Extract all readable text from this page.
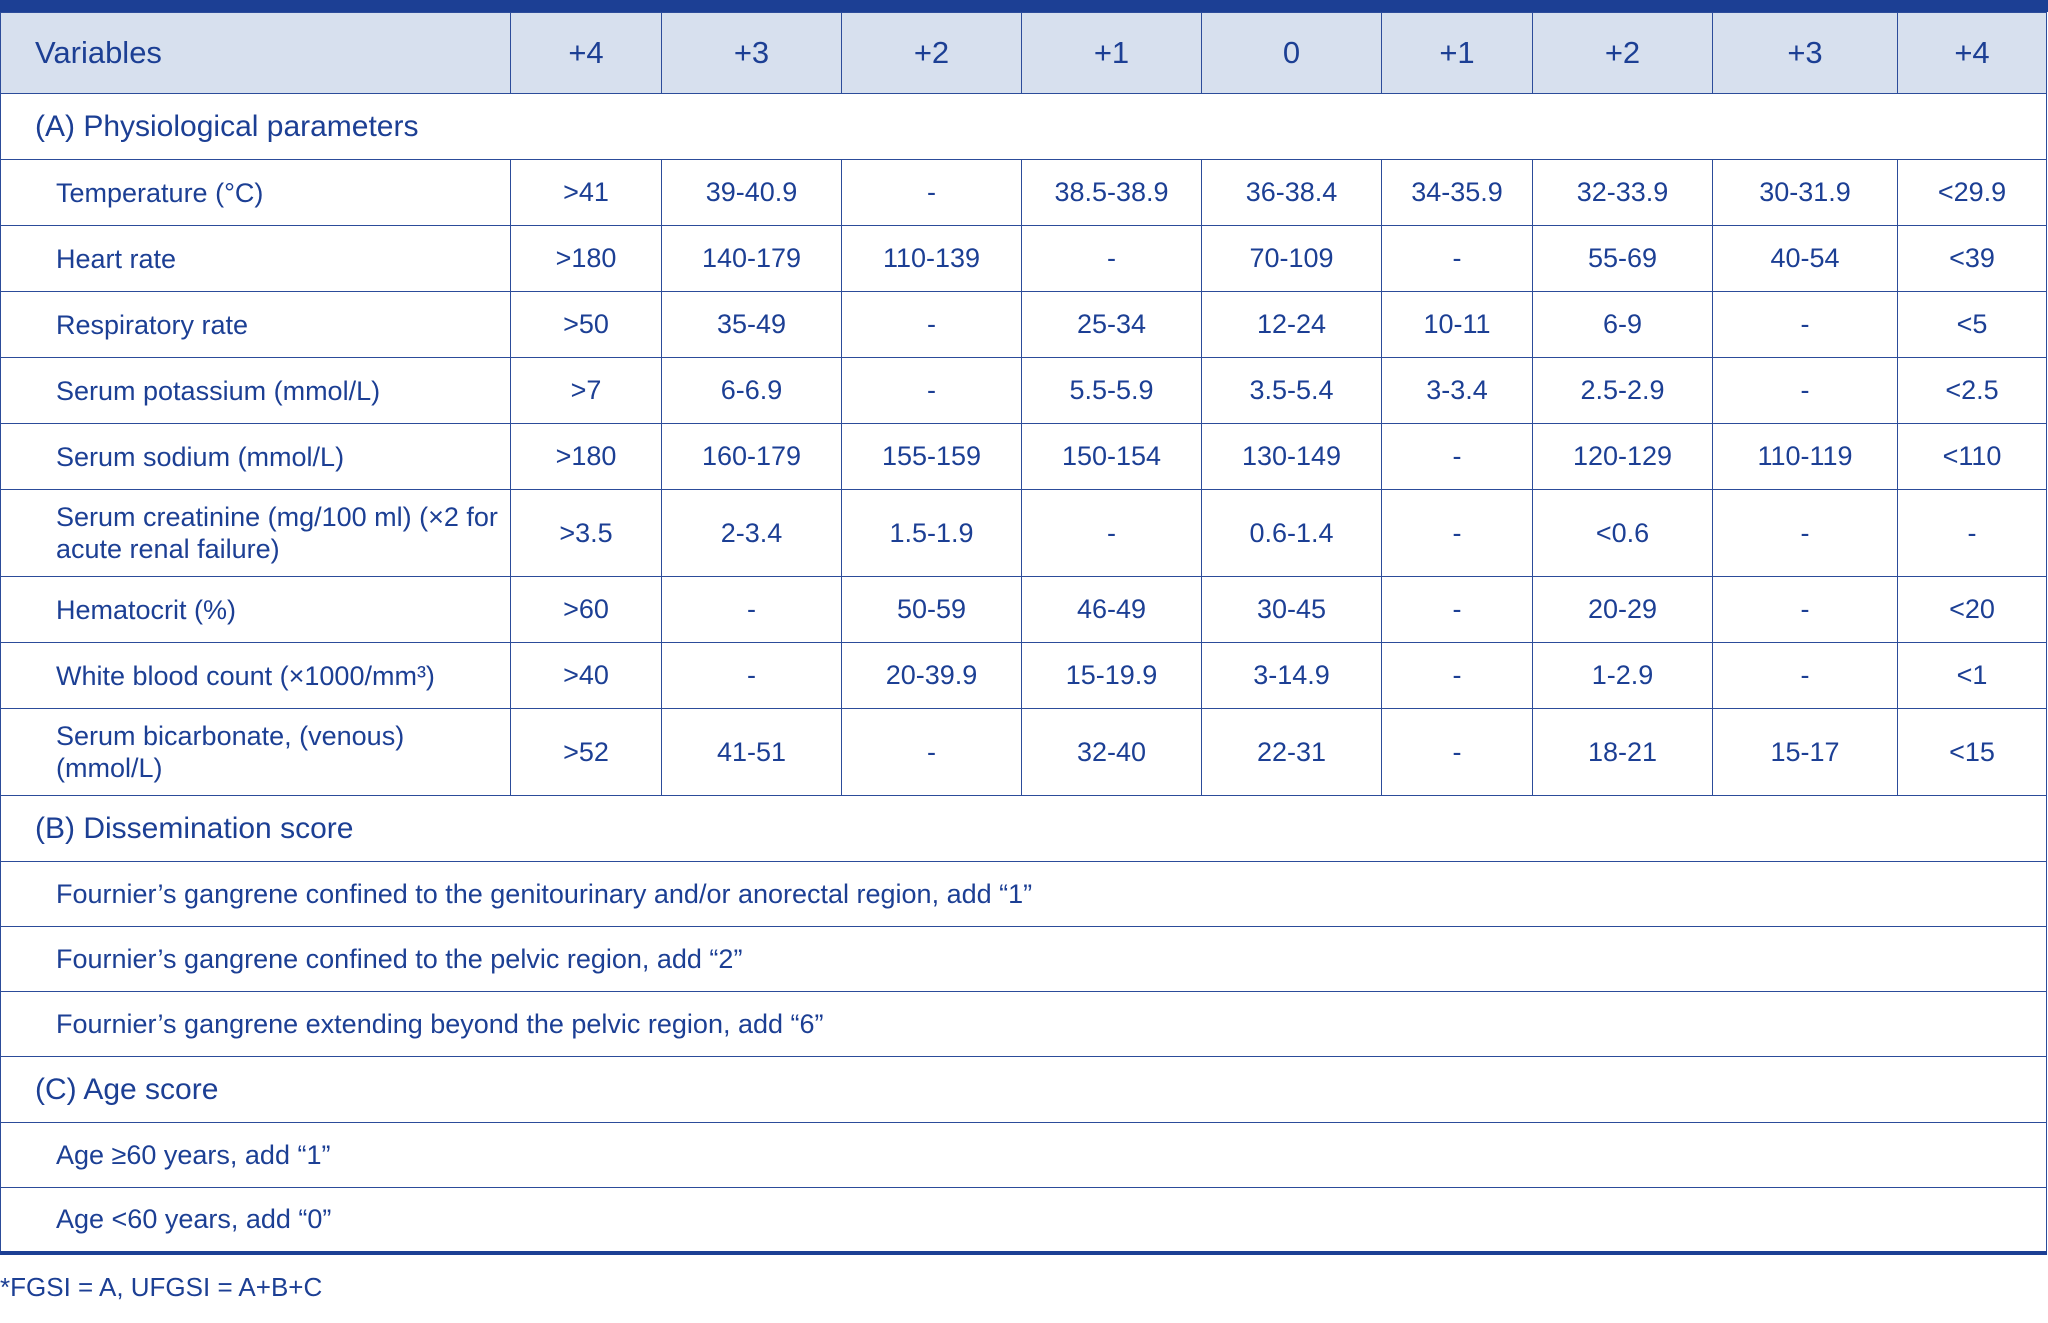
Variables	+4	+3	+2	+1	0	+1	+2	+3	+4
(A) Physiological parameters									
Temperature (°C)	>41	39-40.9	-	38.5-38.9	36-38.4	34-35.9	32-33.9	30-31.9	<29.9
Heart rate	>180	140-179	110-139	-	70-109	-	55-69	40-54	<39
Respiratory rate	>50	35-49	-	25-34	12-24	10-11	6-9	-	<5
Serum potassium (mmol/L)	>7	6-6.9	-	5.5-5.9	3.5-5.4	3-3.4	2.5-2.9	-	<2.5
Serum sodium (mmol/L)	>180	160-179	155-159	150-154	130-149	-	120-129	110-119	<110
Serum creatinine (mg/100 ml) (×2 for acute renal failure)	>3.5	2-3.4	1.5-1.9	-	0.6-1.4	-	<0.6	-	-
Hematocrit (%)	>60	-	50-59	46-49	30-45	-	20-29	-	<20
White blood count (×1000/mm³)	>40	-	20-39.9	15-19.9	3-14.9	-	1-2.9	-	<1
Serum bicarbonate, (venous) (mmol/L)	>52	41-51	-	32-40	22-31	-	18-21	15-17	<15
(B) Dissemination score									
Fournier’s gangrene confined to the genitourinary and/or anorectal region, add “1”									
Fournier’s gangrene confined to the pelvic region, add “2”									
Fournier’s gangrene extending beyond the pelvic region, add “6”									
(C) Age score									
Age ≥60 years, add “1”									
Age <60 years, add “0”									
*FGSI = A, UFGSI = A+B+C
